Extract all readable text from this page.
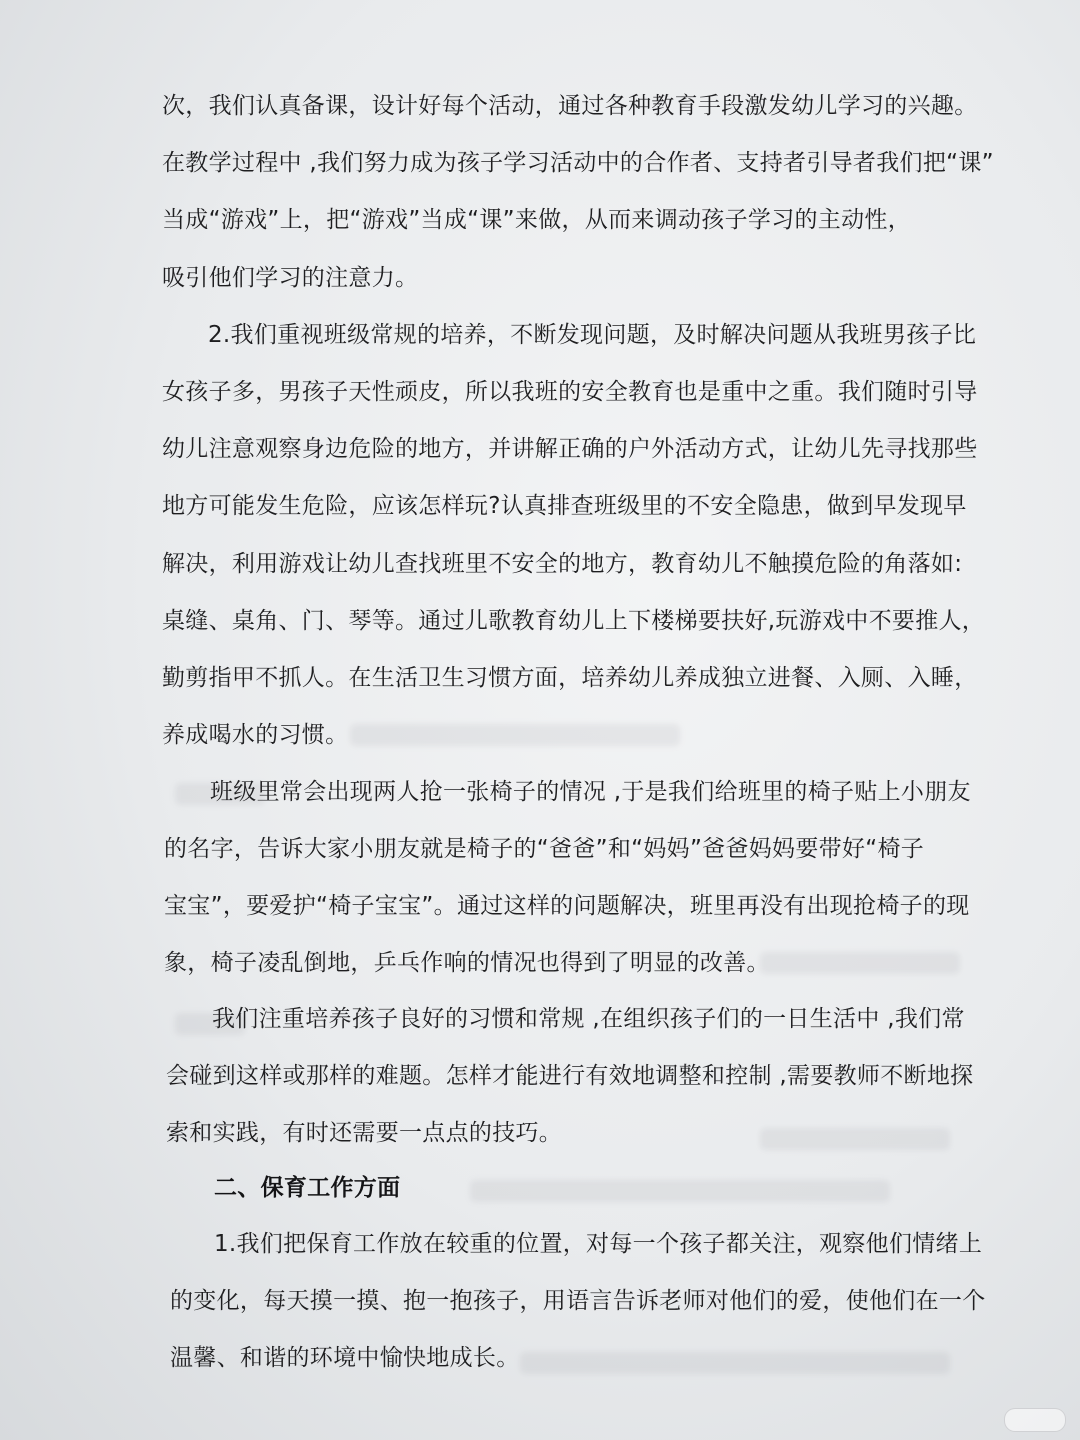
次，我们认真备课，设计好每个活动，通过各种教育手段激发幼儿学习的兴趣。

在教学过程中 ,我们努力成为孩子学习活动中的合作者、支持者引导者我们把“课”

当成“游戏”上，把“游戏”当成“课”来做，从而来调动孩子学习的主动性，

吸引他们学习的注意力。

2.我们重视班级常规的培养，不断发现问题，及时解决问题从我班男孩子比

女孩子多，男孩子天性顽皮，所以我班的安全教育也是重中之重。我们随时引导

幼儿注意观察身边危险的地方，并讲解正确的户外活动方式，让幼儿先寻找那些

地方可能发生危险，应该怎样玩?认真排查班级里的不安全隐患，做到早发现早

解决，利用游戏让幼儿查找班里不安全的地方，教育幼儿不触摸危险的角落如:

桌缝、桌角、门、琴等。通过儿歌教育幼儿上下楼梯要扶好,玩游戏中不要推人，

勤剪指甲不抓人。在生活卫生习惯方面，培养幼儿养成独立进餐、入厕、入睡，

养成喝水的习惯。

班级里常会出现两人抢一张椅子的情况 ,于是我们给班里的椅子贴上小朋友

的名字，告诉大家小朋友就是椅子的“爸爸”和“妈妈”爸爸妈妈要带好“椅子

宝宝”，要爱护“椅子宝宝”。通过这样的问题解决，班里再没有出现抢椅子的现

象，椅子凌乱倒地，乒乓作响的情况也得到了明显的改善。

我们注重培养孩子良好的习惯和常规 ,在组织孩子们的一日生活中 ,我们常

会碰到这样或那样的难题。怎样才能进行有效地调整和控制 ,需要教师不断地探

索和实践，有时还需要一点点的技巧。

二、保育工作方面

1.我们把保育工作放在较重的位置，对每一个孩子都关注，观察他们情绪上

的变化，每天摸一摸、抱一抱孩子，用语言告诉老师对他们的爱，使他们在一个

温馨、和谐的环境中愉快地成长。
